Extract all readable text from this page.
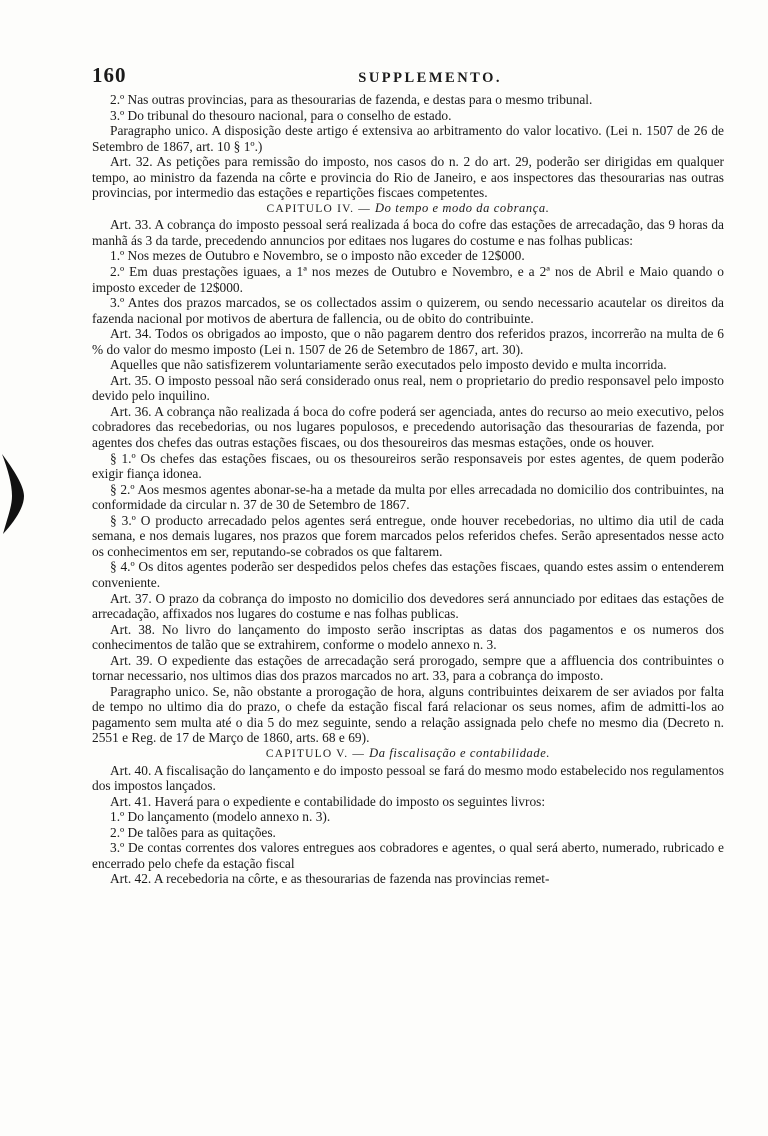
160	SUPPLEMENTO.

2.º Nas outras provincias, para as thesourarias de fazenda, e destas para o mesmo tribunal.

3.º Do tribunal do thesouro nacional, para o conselho de estado.

Paragrapho unico. A disposição deste artigo é extensiva ao arbitramento do valor locativo. (Lei n. 1507 de 26 de Setembro de 1867, art. 10 § 1º.)

Art. 32. As petições para remissão do imposto, nos casos do n. 2 do art. 29, poderão ser dirigidas em qualquer tempo, ao ministro da fazenda na côrte e provincia do Rio de Janeiro, e aos inspectores das thesourarias nas outras provincias, por intermedio das estações e repartições fiscaes competentes.

CAPITULO IV. — Do tempo e modo da cobrança.

Art. 33. A cobrança do imposto pessoal será realizada á boca do cofre das estações de arrecadação, das 9 horas da manhã ás 3 da tarde, precedendo annuncios por editaes nos lugares do costume e nas folhas publicas:

1.º Nos mezes de Outubro e Novembro, se o imposto não exceder de 12$000.

2.º Em duas prestações iguaes, a 1ª nos mezes de Outubro e Novembro, e a 2ª nos de Abril e Maio quando o imposto exceder de 12$000.

3.º Antes dos prazos marcados, se os collectados assim o quizerem, ou sendo necessario acautelar os direitos da fazenda nacional por motivos de abertura de fallencia, ou de obito do contribuinte.

Art. 34. Todos os obrigados ao imposto, que o não pagarem dentro dos referidos prazos, incorrerão na multa de 6 % do valor do mesmo imposto (Lei n. 1507 de 26 de Setembro de 1867, art. 30).

Aquelles que não satisfizerem voluntariamente serão executados pelo imposto devido e multa incorrida.

Art. 35. O imposto pessoal não será considerado onus real, nem o proprietario do predio responsavel pelo imposto devido pelo inquilino.

Art. 36. A cobrança não realizada á boca do cofre poderá ser agenciada, antes do recurso ao meio executivo, pelos cobradores das recebedorias, ou nos lugares populosos, e precedendo autorisação das thesourarias de fazenda, por agentes dos chefes das outras estações fiscaes, ou dos thesoureiros das mesmas estações, onde os houver.

§ 1.º Os chefes das estações fiscaes, ou os thesoureiros serão responsaveis por estes agentes, de quem poderão exigir fiança idonea.

§ 2.º Aos mesmos agentes abonar-se-ha a metade da multa por elles arrecadada no domicilio dos contribuintes, na conformidade da circular n. 37 de 30 de Setembro de 1867.

§ 3.º O producto arrecadado pelos agentes será entregue, onde houver recebedorias, no ultimo dia util de cada semana, e nos demais lugares, nos prazos que forem marcados pelos referidos chefes. Serão apresentados nesse acto os conhecimentos em ser, reputando-se cobrados os que faltarem.

§ 4.º Os ditos agentes poderão ser despedidos pelos chefes das estações fiscaes, quando estes assim o entenderem conveniente.

Art. 37. O prazo da cobrança do imposto no domicilio dos devedores será annunciado por editaes das estações de arrecadação, affixados nos lugares do costume e nas folhas publicas.

Art. 38. No livro do lançamento do imposto serão inscriptas as datas dos pagamentos e os numeros dos conhecimentos de talão que se extrahirem, conforme o modelo annexo n. 3.

Art. 39. O expediente das estações de arrecadação será prorogado, sempre que a affluencia dos contribuintes o tornar necessario, nos ultimos dias dos prazos marcados no art. 33, para a cobrança do imposto.

Paragrapho unico. Se, não obstante a prorogação de hora, alguns contribuintes deixarem de ser aviados por falta de tempo no ultimo dia do prazo, o chefe da estação fiscal fará relacionar os seus nomes, afim de admitti-los ao pagamento sem multa até o dia 5 do mez seguinte, sendo a relação assignada pelo chefe no mesmo dia (Decreto n. 2551 e Reg. de 17 de Março de 1860, arts. 68 e 69).

CAPITULO V. — Da fiscalisação e contabilidade.

Art. 40. A fiscalisação do lançamento e do imposto pessoal se fará do mesmo modo estabelecido nos regulamentos dos impostos lançados.

Art. 41. Haverá para o expediente e contabilidade do imposto os seguintes livros:

1.º Do lançamento (modelo annexo n. 3).

2.º De talões para as quitações.

3.º De contas correntes dos valores entregues aos cobradores e agentes, o qual será aberto, numerado, rubricado e encerrado pelo chefe da estação fiscal

Art. 42. A recebedoria na côrte, e as thesourarias de fazenda nas provincias remet-
